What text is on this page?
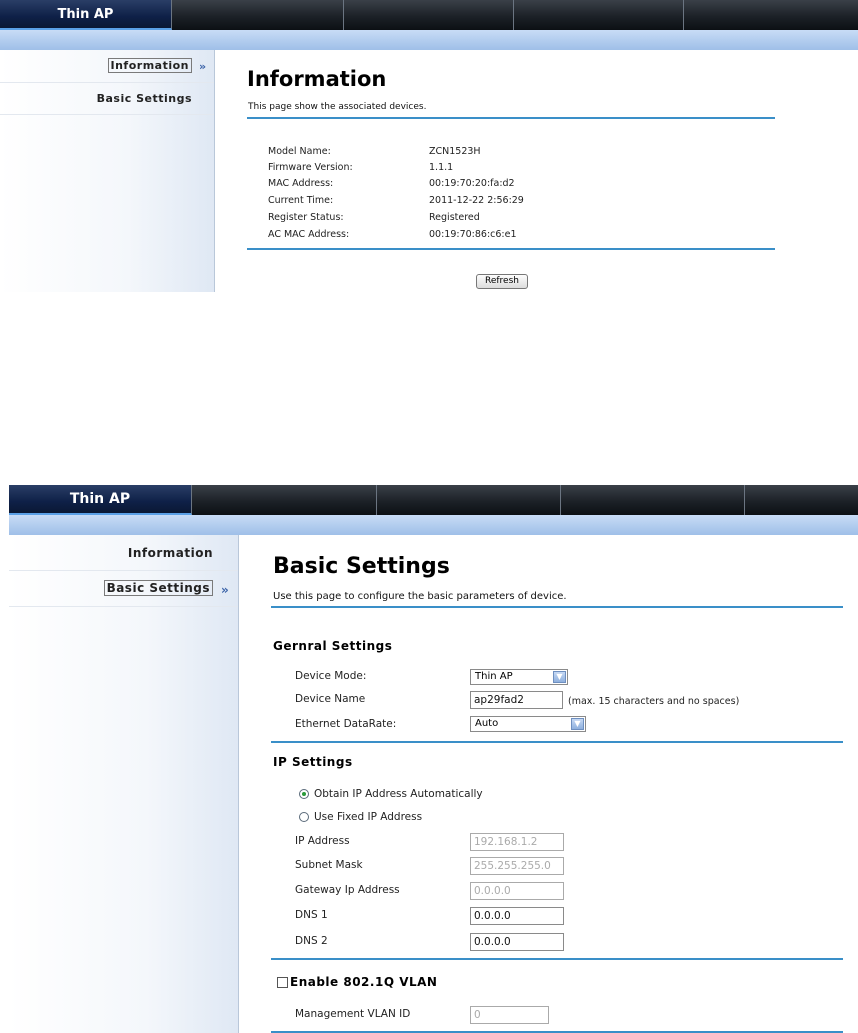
Thin AP
Information »
Basic Settings
Information
This page show the associated devices.
Model Name:	ZCN1523H
Firmware Version:	1.1.1
MAC Address:	00:19:70:20:fa:d2
Current Time:	2011-12-22 2:56:29
Register Status:	Registered
AC MAC Address:	00:19:70:86:c6:e1
Refresh
Thin AP
Information
Basic Settings »
Basic Settings
Use this page to configure the basic parameters of device.
Gernral Settings
Device Mode:	Thin AP	▼
Device Name	ap29fad2	(max. 15 characters and no spaces)
Ethernet DataRate:	Auto	▼
IP Settings
Obtain IP Address Automatically
Use Fixed IP Address
IP Address	192.168.1.2
Subnet Mask	255.255.255.0
Gateway Ip Address	0.0.0.0
DNS 1	0.0.0.0
DNS 2	0.0.0.0
Enable 802.1Q VLAN
Management VLAN ID	0
